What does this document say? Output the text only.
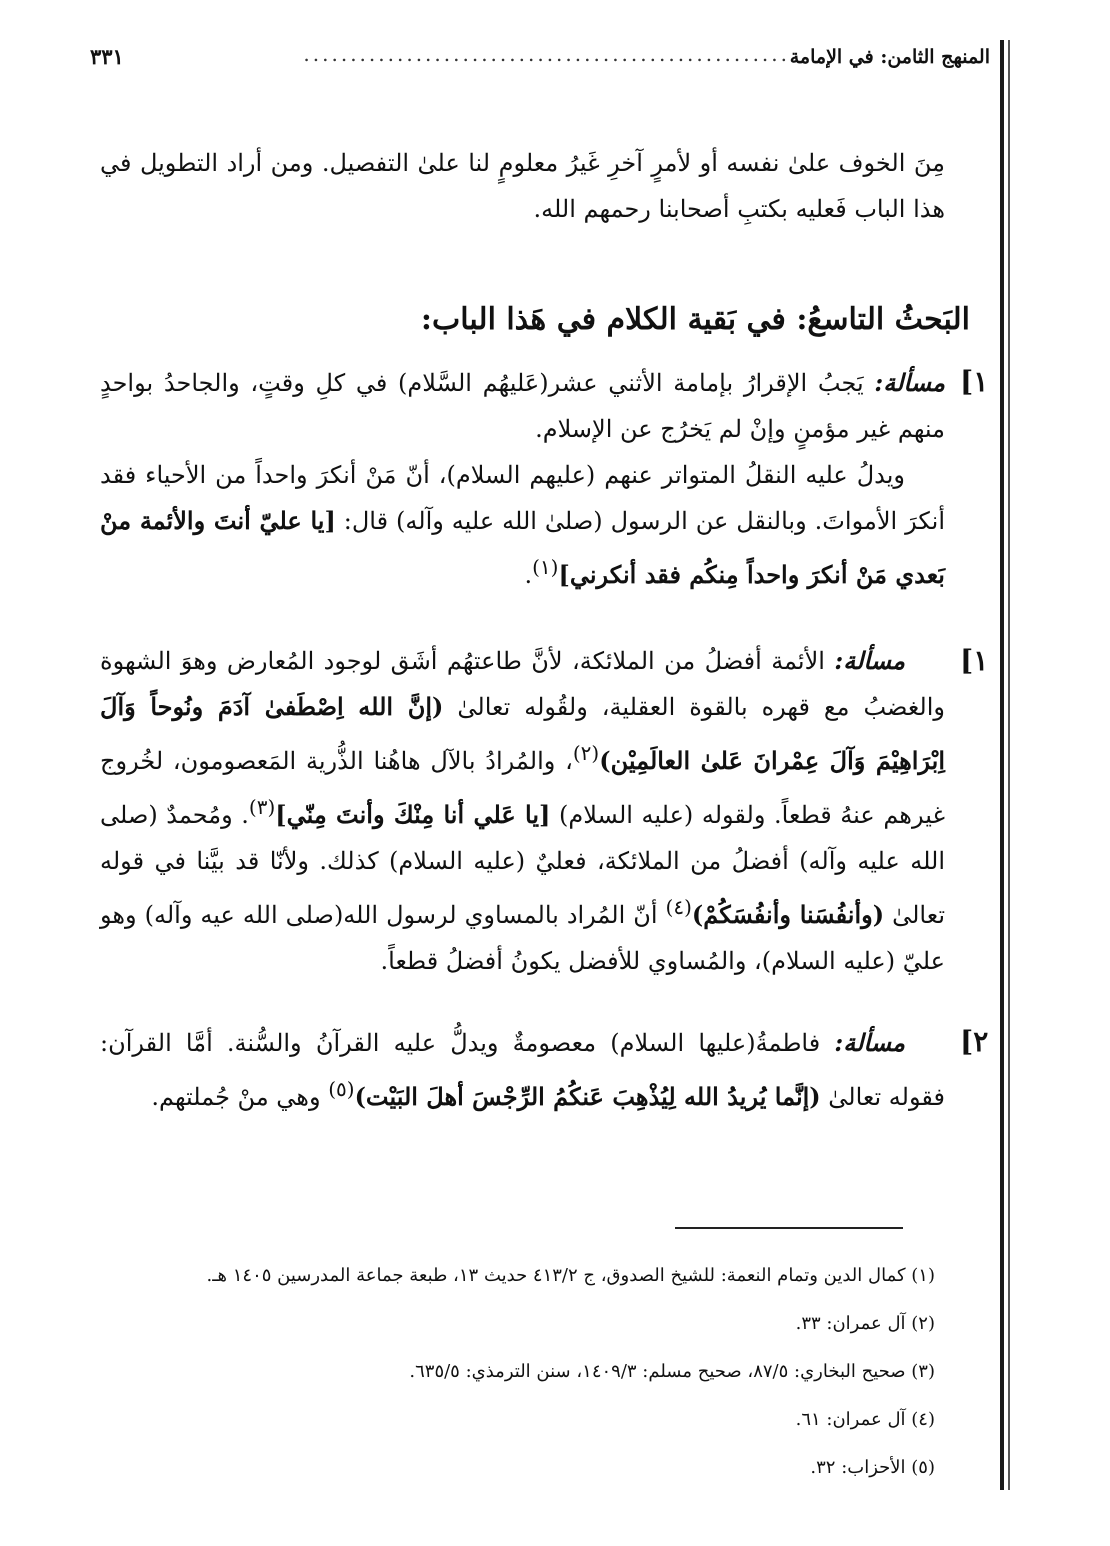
المنهج الثامن: في الإمامة
....................................................
٣٣١

مِنَ الخوف علىٰ نفسه أو لأمرٍ آخرِ غَيرُ معلومٍ لنا علىٰ التفصيل. ومن أراد التطويل في هذا الباب فَعليه بكتبِ أصحابنا رحمهم الله.

البَحثُ التاسعُ: في بَقية الكلام في هَذا الباب:
[١
[١
[٢

مسألة: يَجبُ الإقرارُ بإمامة الأثني عشر(عَليهُم السَّلام) في كلِ وقتٍ، والجاحدُ بواحدٍ منهم غير مؤمنٍ وإنْ لم يَخرُج عن الإسلام.

ويدلُ عليه النقلُ المتواتر عنهم (عليهم السلام)، أنّ مَنْ أنكرَ واحداً من الأحياء فقد أنكرَ الأمواتَ. وبالنقل عن الرسول (صلىٰ الله عليه وآله) قال: [يا عليّ أنتَ والأئمة منْ بَعدي مَنْ أنكرَ واحداً مِنكُم فقد أنكرني]$^{(١)}$.

مسألة: الأئمة أفضلُ من الملائكة، لأنَّ طاعتهُم أشَق لوجود المُعارض وهوَ الشهوة والغضبُ مع قهره بالقوة العقلية، ولقُوله تعالىٰ (إنَّ الله اِصْطَفىٰ آدَمَ ونُوحاً وَآلَ اِبْرَاهِيْمَ وَآلَ عِمْرانَ عَلىٰ العالَمِيْن)$^{(٢)}$، والمُرادُ بالآل هاهُنا الذُّرية المَعصومون، لخُروج غيرهم عنهُ قطعاً. ولقوله (عليه السلام) [يا عَلي أنا مِنْكَ وأنتَ مِنّي]$^{(٣)}$. ومُحمدٌ (صلى الله عليه وآله) أفضلُ من الملائكة، فعليٌ (عليه السلام) كذلك. ولأنّا قد بيَّنا في قوله تعالىٰ (وأنفُسَنا وأنفُسَكُمْ)$^{(٤)}$ أنّ المُراد بالمساوي لرسول الله(صلى الله عيه وآله) وهو عليّ (عليه السلام)، والمُساوي للأفضل يكونُ أفضلُ قطعاً.

مسألة: فاطمةُ(عليها السلام) معصومةٌ ويدلُّ عليه القرآنُ والسُّنة. أمَّا القرآن: فقوله تعالىٰ (إنَّما يُريدُ الله لِيُذْهِبَ عَنكُمُ الرِّجْسَ أهلَ البَيْت)$^{(٥)}$ وهي منْ جُملتهم.

(١) كمال الدين وتمام النعمة: للشيخ الصدوق، ج ٤١٣/٢ حديث ١٣، طبعة جماعة المدرسين ١٤٠٥ هـ.
(٢) آل عمران: ٣٣.
(٣) صحيح البخاري: ٨٧/٥، صحيح مسلم: ١٤٠٩/٣، سنن الترمذي: ٦٣٥/٥.
(٤) آل عمران: ٦١.
(٥) الأحزاب: ٣٢.
